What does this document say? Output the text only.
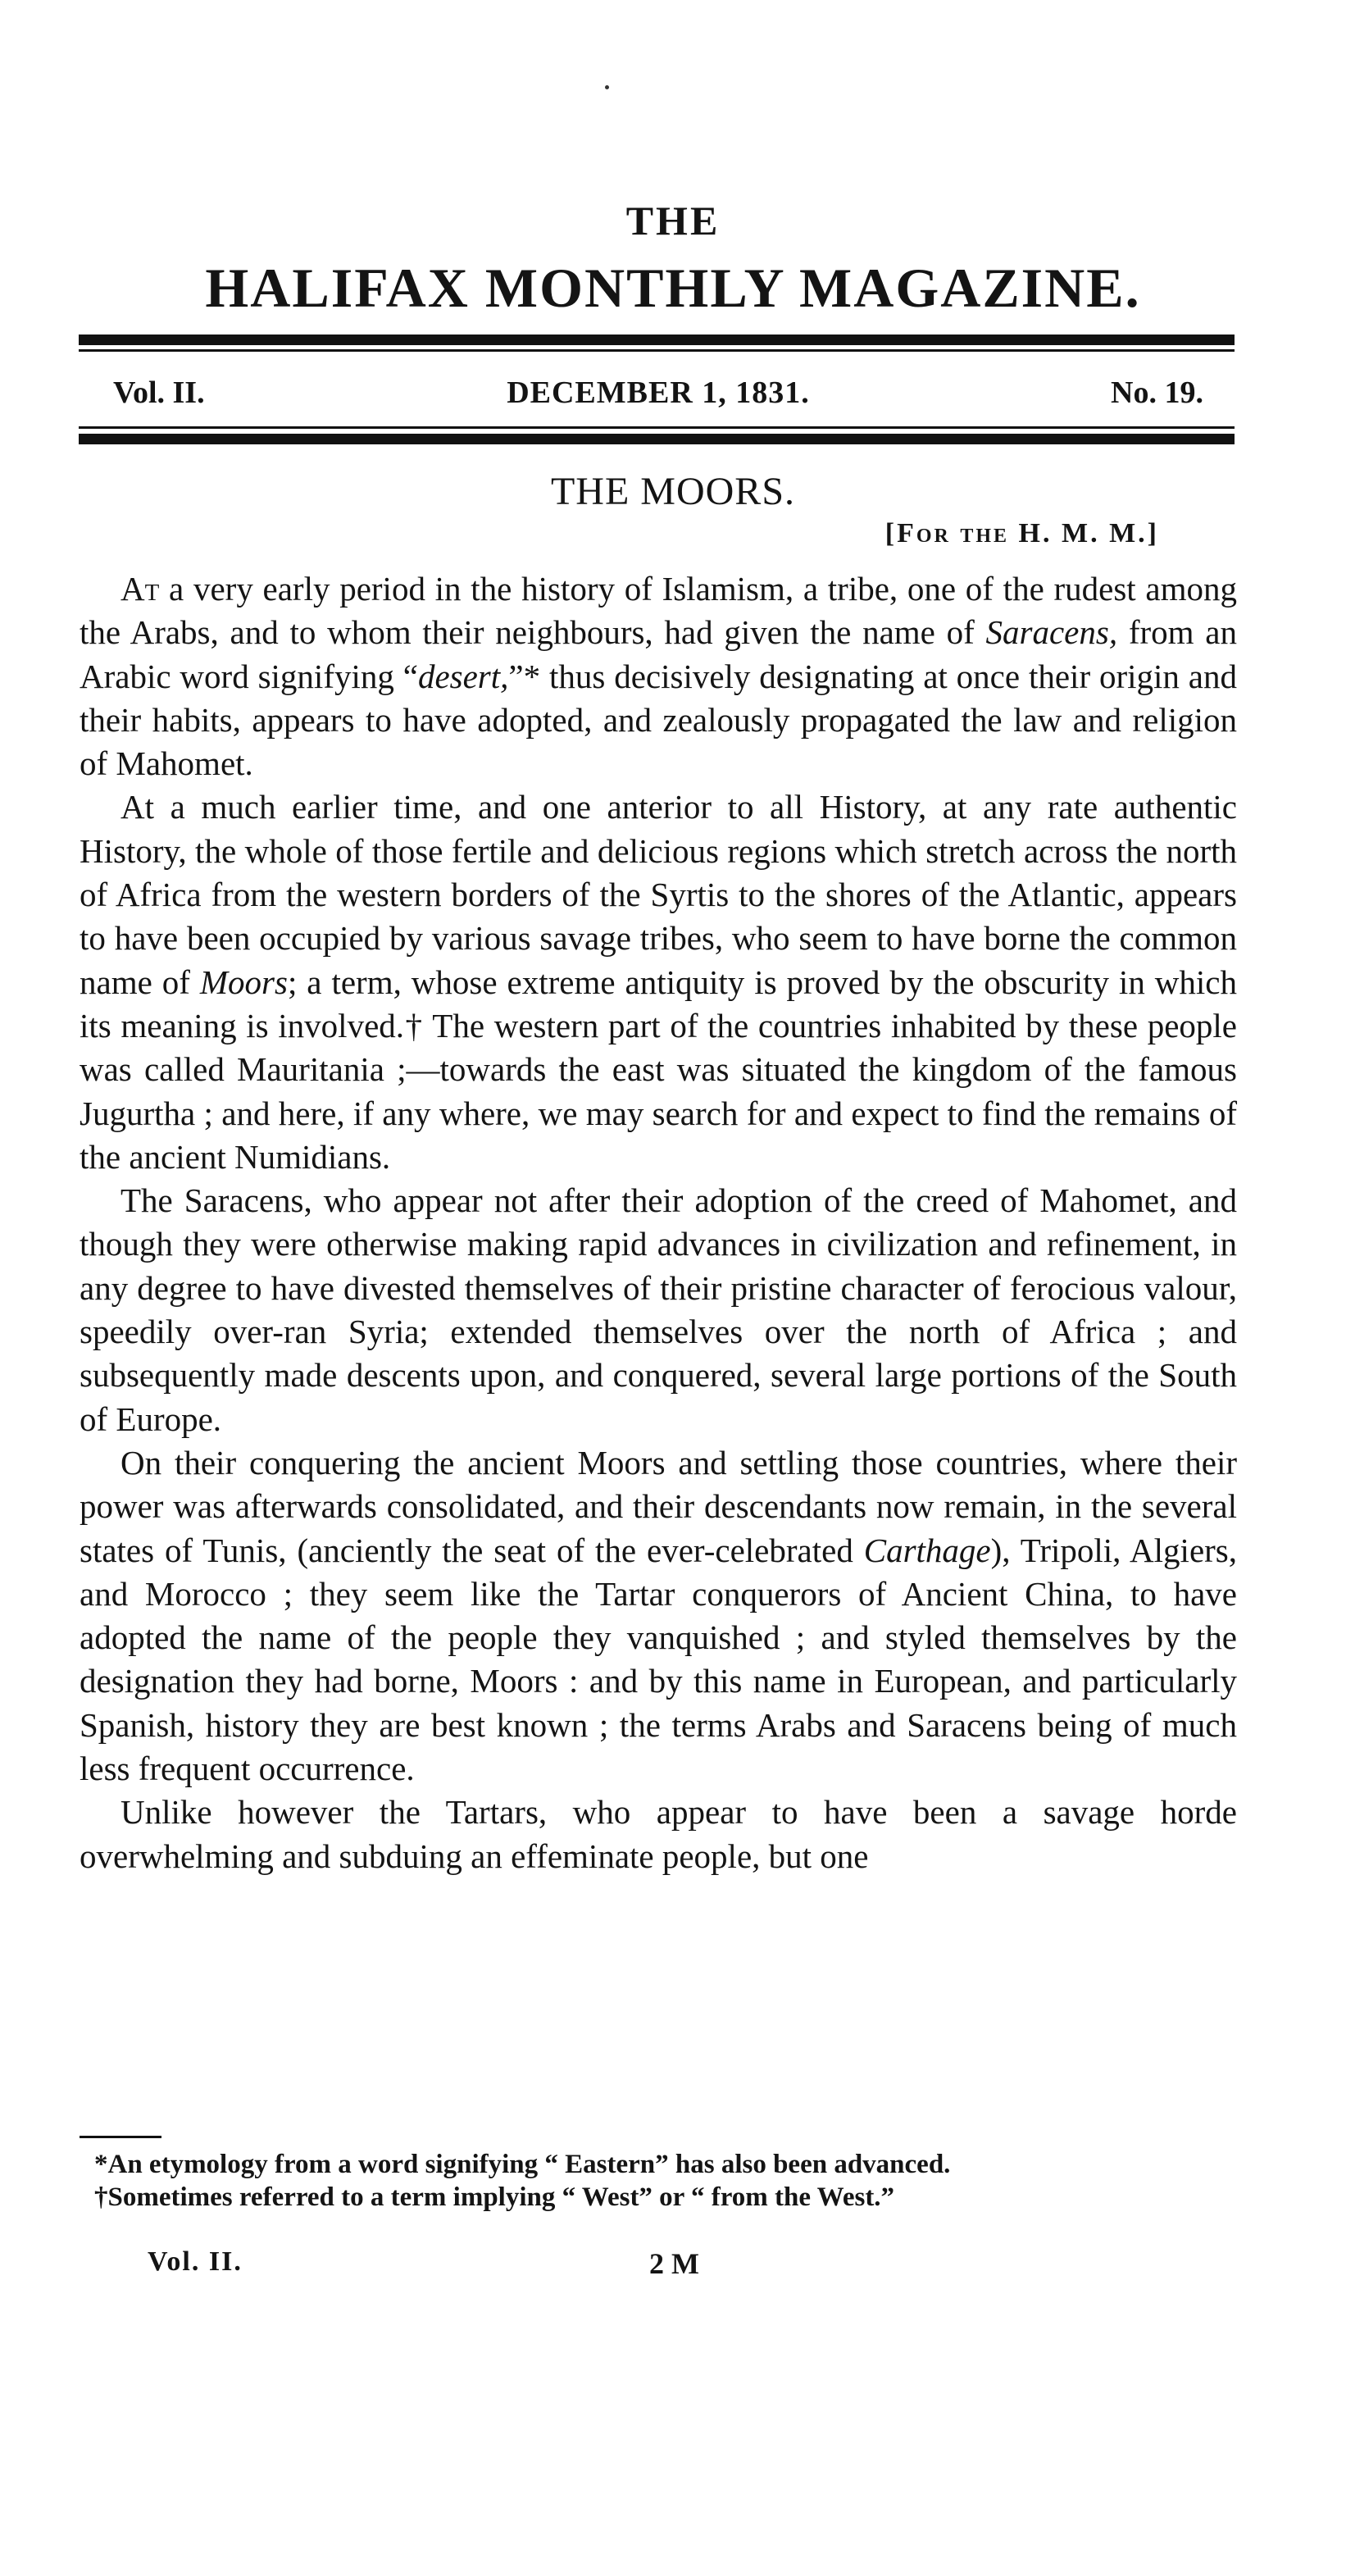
THE
HALIFAX MONTHLY MAGAZINE.
Vol. II.	DECEMBER 1, 1831.	No. 19.
THE MOORS.
[For the H. M. M.]

At a very early period in the history of Islamism, a tribe, one of the rudest among the Arabs, and to whom their neighbours, had given the name of Saracens, from an Arabic word signifying “desert,”* thus decisively designating at once their origin and their habits, appears to have adopted, and zealously propagated the law and religion of Mahomet.

At a much earlier time, and one anterior to all History, at any rate authentic History, the whole of those fertile and delicious regions which stretch across the north of Africa from the western borders of the Syrtis to the shores of the Atlantic, appears to have been occupied by various savage tribes, who seem to have borne the common name of Moors; a term, whose extreme antiquity is proved by the obscurity in which its meaning is involved.† The western part of the countries inhabited by these people was called Mauritania ;—towards the east was situated the kingdom of the famous Jugurtha ; and here, if any where, we may search for and expect to find the remains of the ancient Numidians.

The Saracens, who appear not after their adoption of the creed of Mahomet, and though they were otherwise making rapid advances in civilization and refinement, in any degree to have divested themselves of their pristine character of ferocious valour, speedily over-ran Syria; extended themselves over the north of Africa ; and subsequently made descents upon, and conquered, several large portions of the South of Europe.

On their conquering the ancient Moors and settling those countries, where their power was afterwards consolidated, and their descendants now remain, in the several states of Tunis, (anciently the seat of the ever-celebrated Carthage), Tripoli, Algiers, and Morocco ; they seem like the Tartar conquerors of Ancient China, to have adopted the name of the people they vanquished ; and styled themselves by the designation they had borne, Moors : and by this name in European, and particularly Spanish, history they are best known ; the terms Arabs and Saracens being of much less frequent occurrence.

Unlike however the Tartars, who appear to have been a savage horde overwhelming and subduing an effeminate people, but one

*An etymology from a word signifying “ Eastern” has also been advanced.

†Sometimes referred to a term implying “ West” or “ from the West.”

Vol. II.	2 M
